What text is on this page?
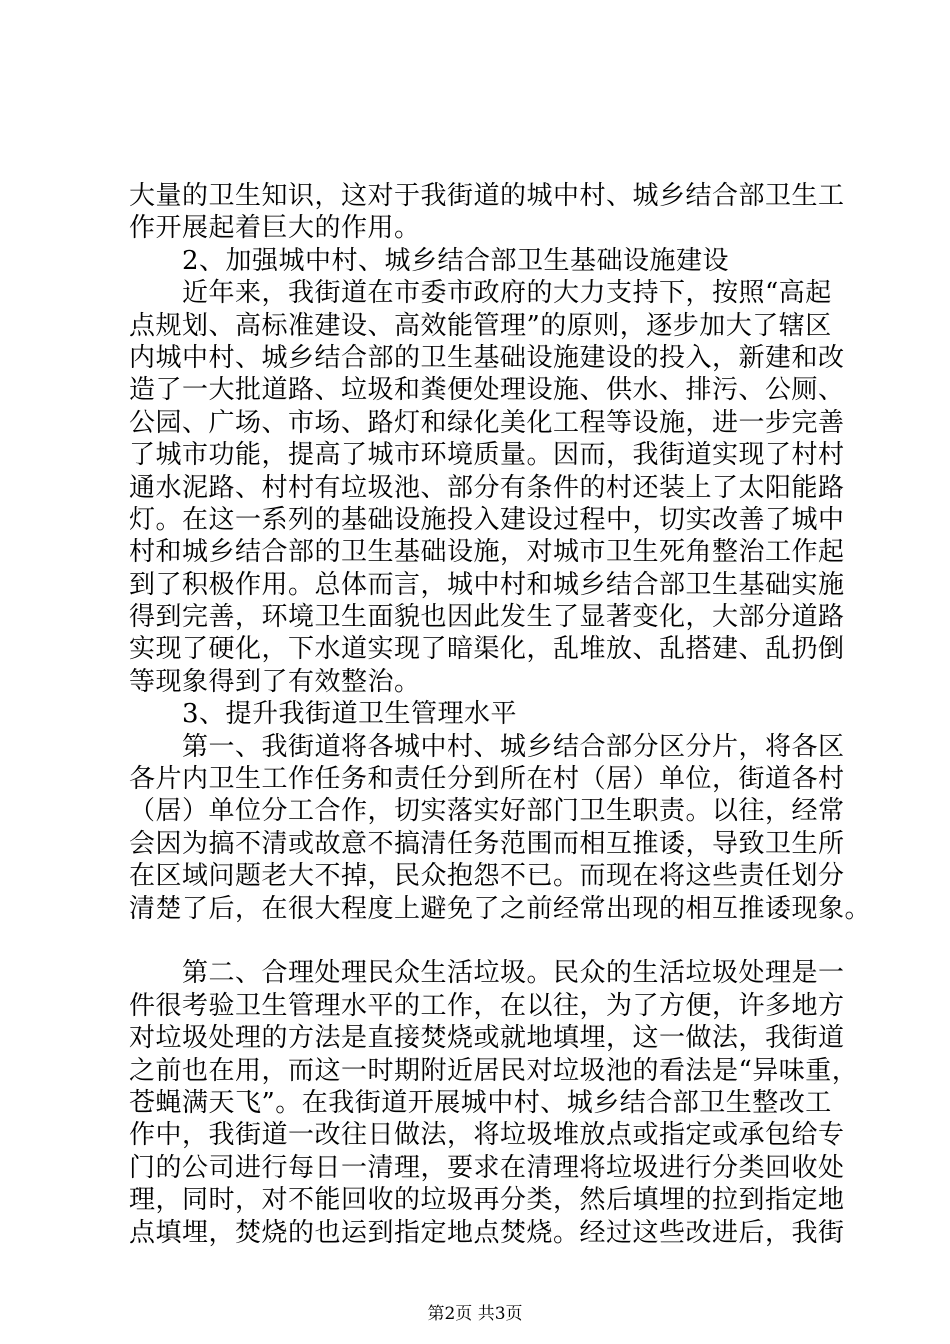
大量的卫生知识，这对于我街道的城中村、城乡结合部卫生工
作开展起着巨大的作用。
　　2、加强城中村、城乡结合部卫生基础设施建设
　　近年来，我街道在市委市政府的大力支持下，按照“高起
点规划、高标准建设、高效能管理”的原则，逐步加大了辖区
内城中村、城乡结合部的卫生基础设施建设的投入，新建和改
造了一大批道路、垃圾和粪便处理设施、供水、排污、公厕、
公园、广场、市场、路灯和绿化美化工程等设施，进一步完善
了城市功能，提高了城市环境质量。因而，我街道实现了村村
通水泥路、村村有垃圾池、部分有条件的村还装上了太阳能路
灯。在这一系列的基础设施投入建设过程中，切实改善了城中
村和城乡结合部的卫生基础设施，对城市卫生死角整治工作起
到了积极作用。总体而言，城中村和城乡结合部卫生基础实施
得到完善，环境卫生面貌也因此发生了显著变化，大部分道路
实现了硬化，下水道实现了暗渠化，乱堆放、乱搭建、乱扔倒
等现象得到了有效整治。
　　3、提升我街道卫生管理水平
　　第一、我街道将各城中村、城乡结合部分区分片，将各区
各片内卫生工作任务和责任分到所在村（居）单位，街道各村
（居）单位分工合作，切实落实好部门卫生职责。以往，经常
会因为搞不清或故意不搞清任务范围而相互推诿，导致卫生所
在区域问题老大不掉，民众抱怨不已。而现在将这些责任划分
清楚了后，在很大程度上避免了之前经常出现的相互推诿现象。
　　第二、合理处理民众生活垃圾。民众的生活垃圾处理是一
件很考验卫生管理水平的工作，在以往，为了方便，许多地方
对垃圾处理的方法是直接焚烧或就地填埋，这一做法，我街道
之前也在用，而这一时期附近居民对垃圾池的看法是“异味重，
苍蝇满天飞”。在我街道开展城中村、城乡结合部卫生整改工
作中，我街道一改往日做法，将垃圾堆放点或指定或承包给专
门的公司进行每日一清理，要求在清理将垃圾进行分类回收处
理，同时，对不能回收的垃圾再分类，然后填埋的拉到指定地
点填埋，焚烧的也运到指定地点焚烧。经过这些改进后，我街
第2页 共3页
